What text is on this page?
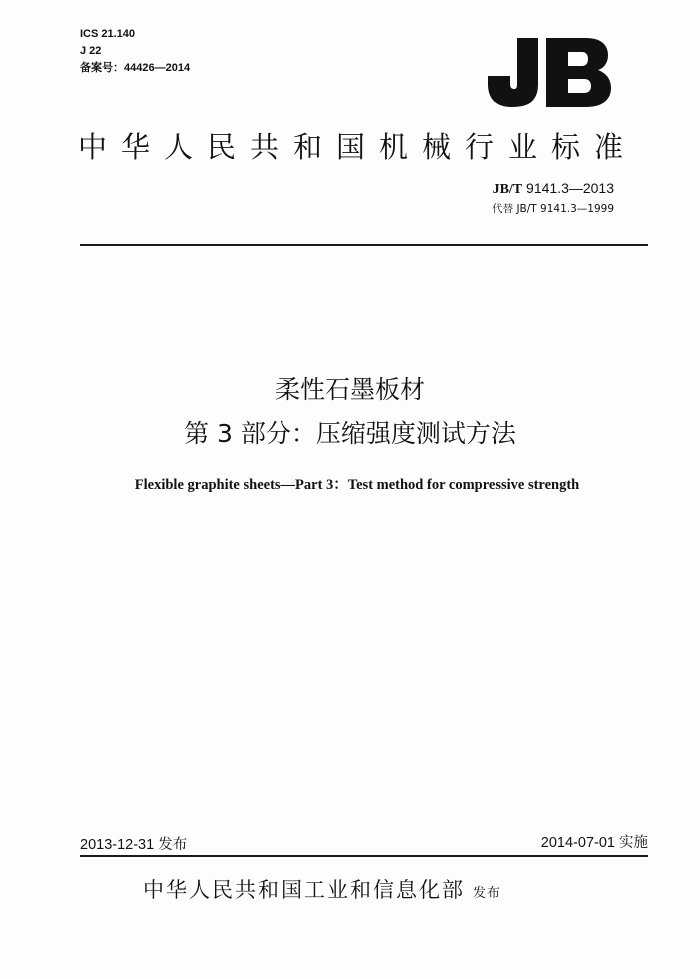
ICS 21.140
J 22
备案号：44426—2014
中华人民共和国机械行业标准
JB/T 9141.3—2013
代替 JB/T 9141.3—1999
柔性石墨板材
第 3 部分：压缩强度测试方法
Flexible graphite sheets—Part 3：Test method for compressive strength
2013-12-31 发布	2014-07-01 实施
中华人民共和国工业和信息化部 发布
